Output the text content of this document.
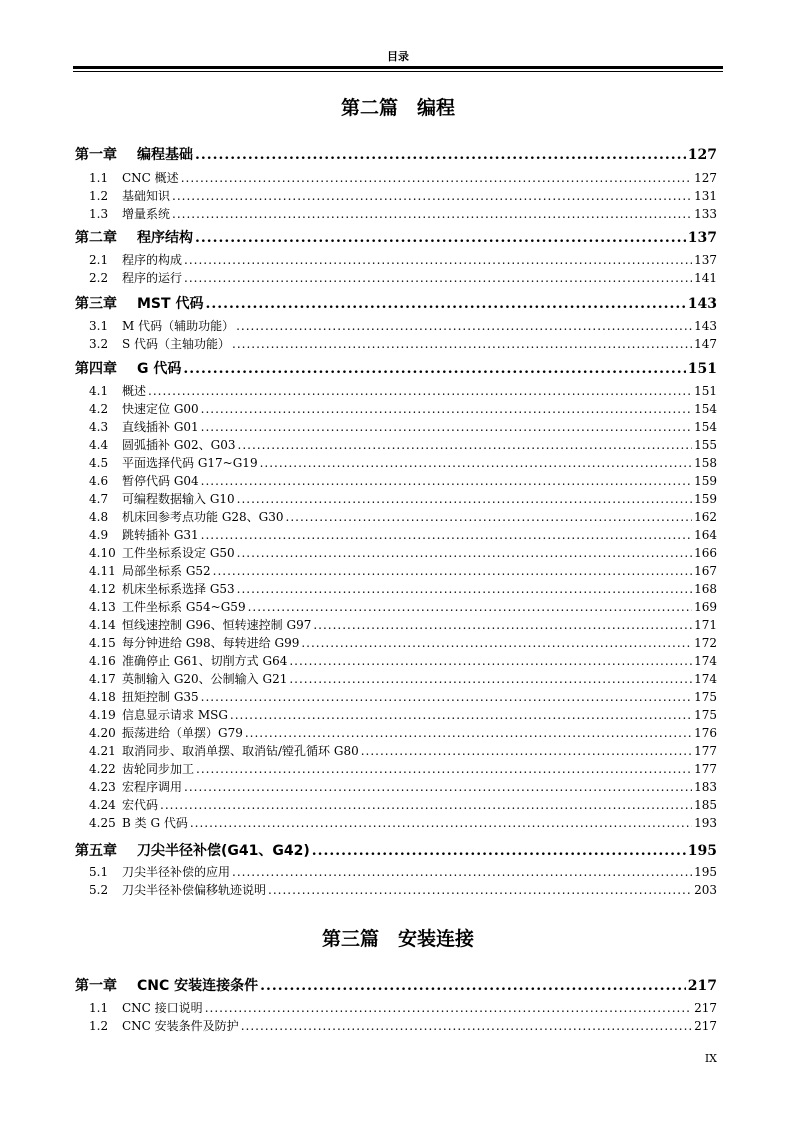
目录
第二篇　编程
第三篇　安装连接
第一章	编程基础 .....	127
1.1	CNC 概述 .....	127
1.2	基础知识 .....	131
1.3	增量系统 .....	133
第二章	程序结构 .....	137
2.1	程序的构成 .....	137
2.2	程序的运行 .....	141
第三章	MST 代码 .....	143
3.1	M 代码（辅助功能） .....	143
3.2	S 代码（主轴功能） .....	147
第四章	G 代码 .....	151
4.1	概述 .....	151
4.2	快速定位 G00 .....	154
4.3	直线插补 G01 .....	154
4.4	圆弧插补 G02、G03 .....	155
4.5	平面选择代码 G17~G19 .....	158
4.6	暂停代码 G04 .....	159
4.7	可编程数据输入 G10 .....	159
4.8	机床回参考点功能 G28、G30 .....	162
4.9	跳转插补 G31 .....	164
4.10 工件坐标系设定 G50 .....	166
4.11 局部坐标系 G52 .....	167
4.12 机床坐标系选择 G53 .....	168
4.13 工件坐标系 G54~G59 .....	169
4.14 恒线速控制 G96、恒转速控制 G97 .....	171
4.15 每分钟进给 G98、每转进给 G99 .....	172
4.16 准确停止 G61、切削方式 G64 .....	174
4.17 英制输入 G20、公制输入 G21 .....	174
4.18 扭矩控制 G35 .....	175
4.19 信息显示请求 MSG .....	175
4.20 振荡进给（单摆）G79 .....	176
4.21 取消同步、取消单摆、取消钻/镗孔循环 G80 .....	177
4.22 齿轮同步加工 .....	177
4.23 宏程序调用 .....	183
4.24 宏代码 .....	185
4.25 B 类 G 代码 .....	193
第五章	刀尖半径补偿(G41、G42) .....	195
5.1	刀尖半径补偿的应用 .....	195
5.2	刀尖半径补偿偏移轨迹说明 .....	203
第一章	CNC 安装连接条件 .....	217
1.1	CNC 接口说明 .....	217
1.2	CNC 安装条件及防护 .....	217
IX
